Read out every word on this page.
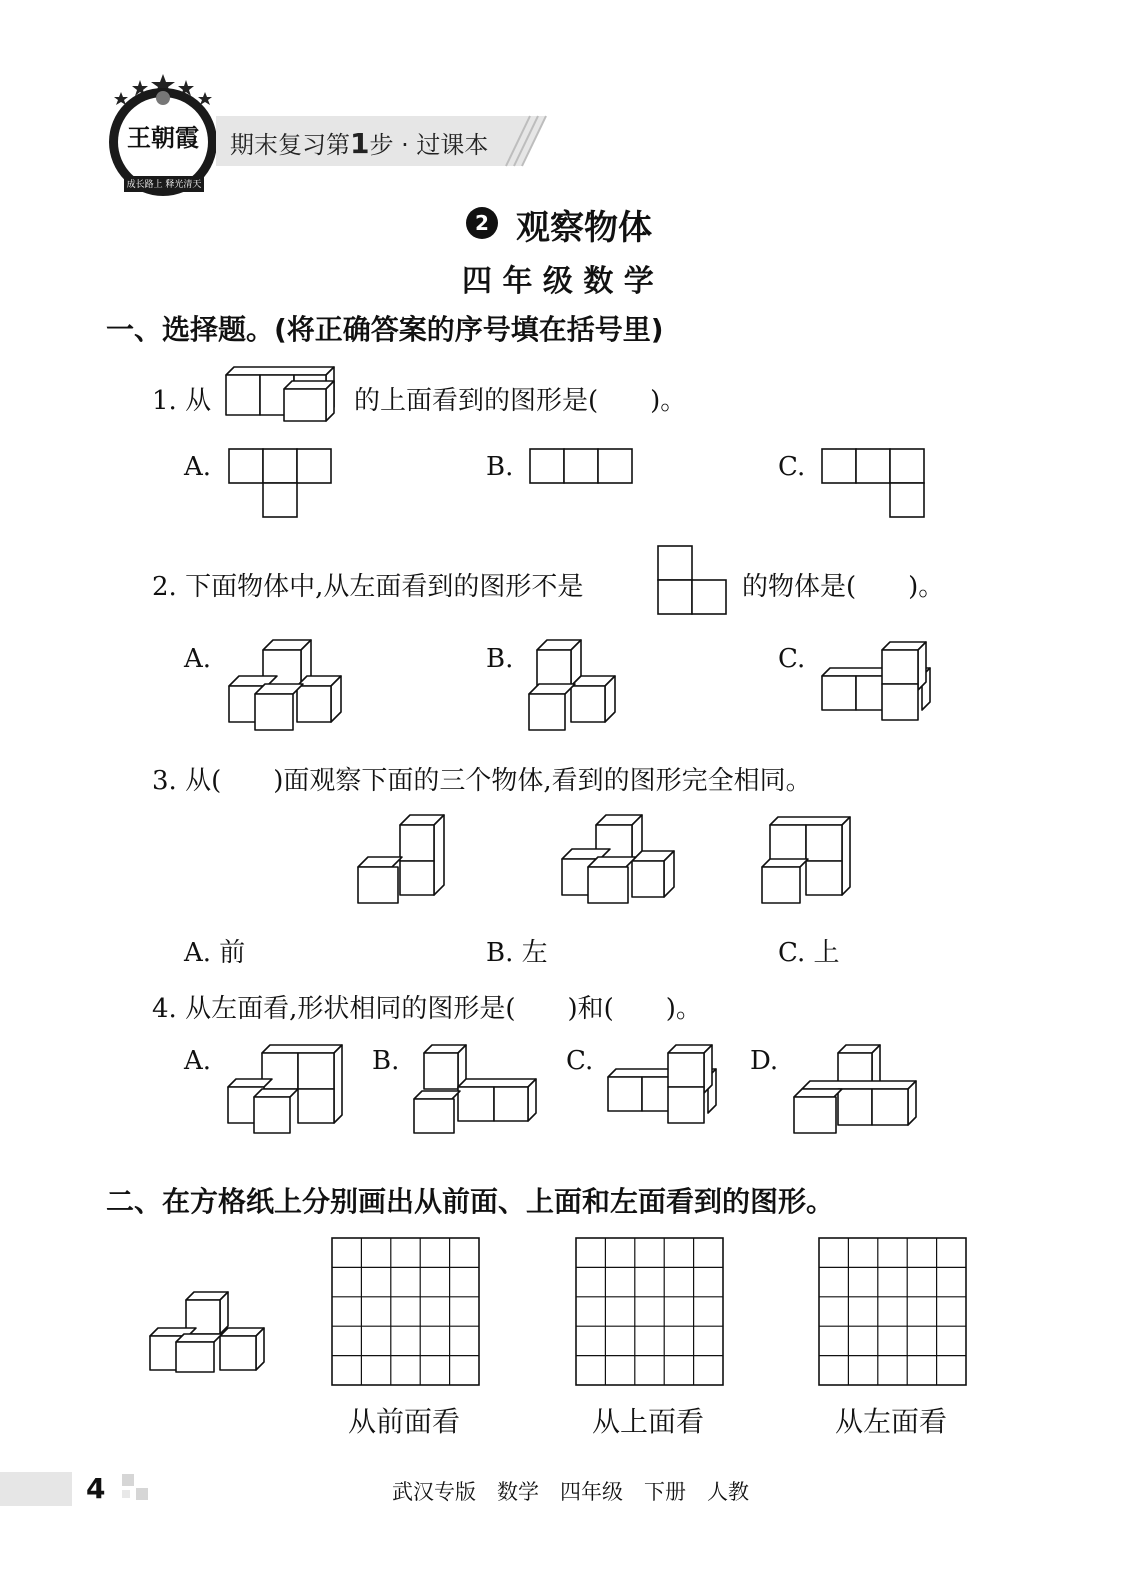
王朝霞
成长路上 释光清天
期末复习第1步 · 过课本
2 观察物体
四 年 级 数 学
一、选择题。(将正确答案的序号填在括号里)
1. 从	的上面看到的图形是(　　)。
A.	B.	C.
2. 下面物体中,从左面看到的图形不是	的物体是(　　)。
A.	B.	C.
3. 从(　　)面观察下面的三个物体,看到的图形完全相同。
A. 前	B. 左	C. 上
4. 从左面看,形状相同的图形是(　　)和(　　)。
A.	B.	C.	D.
二、在方格纸上分别画出从前面、上面和左面看到的图形。
从前面看	从上面看	从左面看
4	武汉专版　数学　四年级　下册　人教
